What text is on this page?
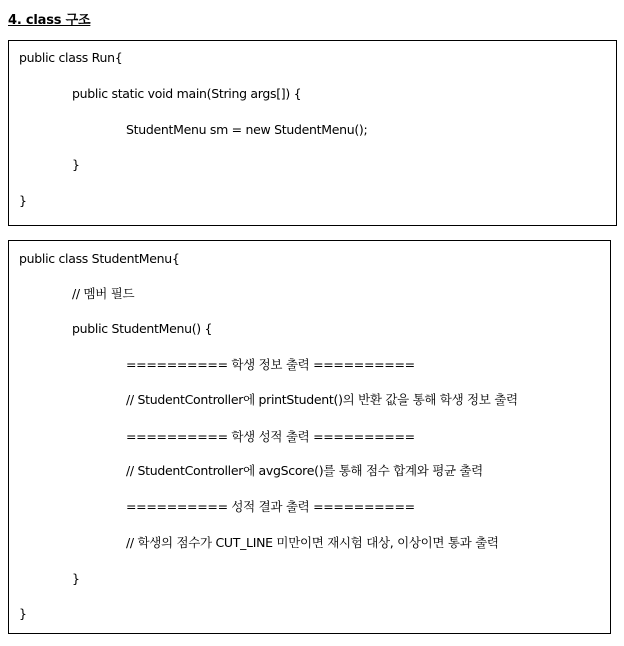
4. class 구조
public class Run{
public static void main(String args[]) {
StudentMenu sm = new StudentMenu();
}
}
public class StudentMenu{
// 멤버 필드
public StudentMenu() {
========== 학생 정보 출력 ==========
// StudentController에 printStudent()의 반환 값을 통해 학생 정보 출력
========== 학생 성적 출력 ==========
// StudentController에 avgScore()를 통해 점수 합계와 평균 출력
========== 성적 결과 출력 ==========
// 학생의 점수가 CUT_LINE 미만이면 재시험 대상, 이상이면 통과 출력
}
}
